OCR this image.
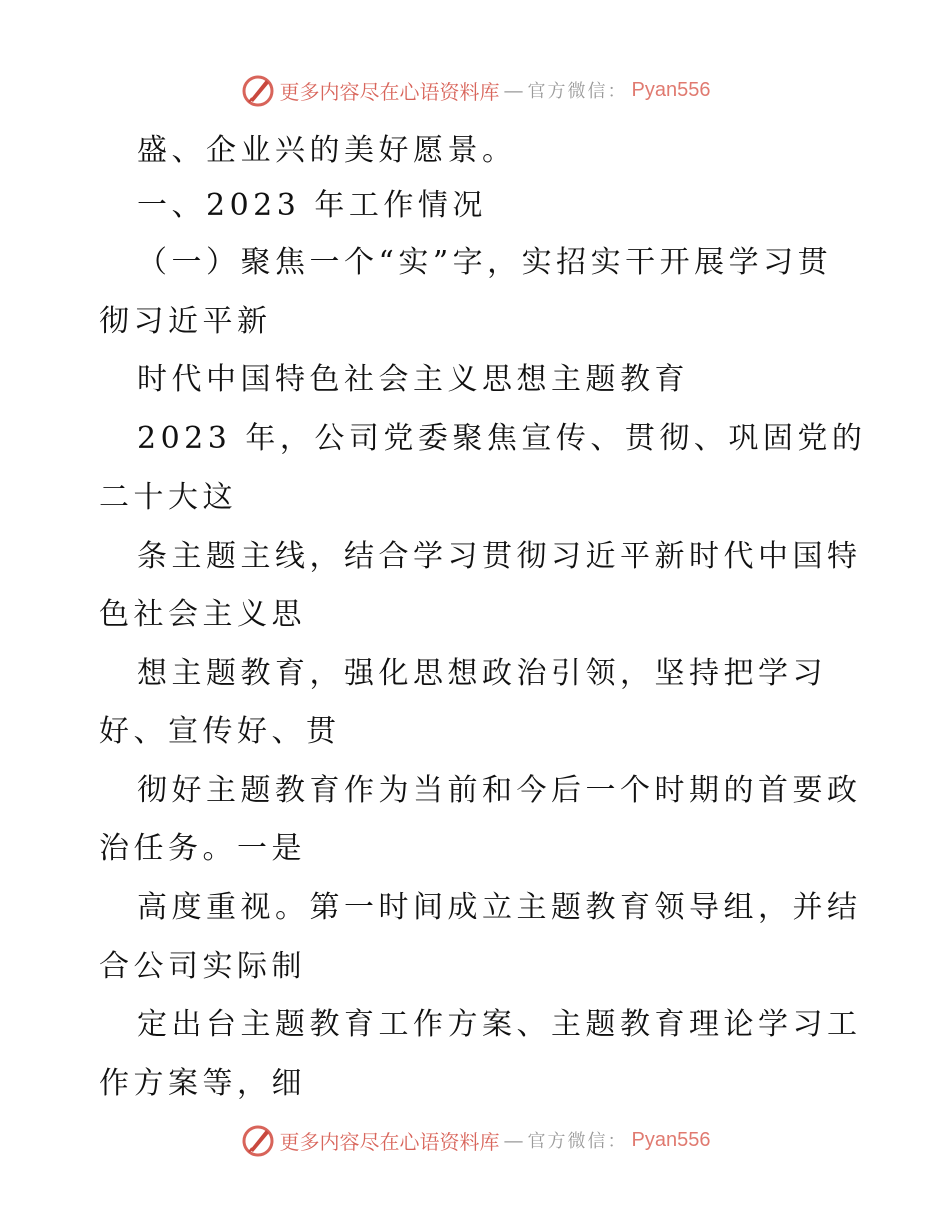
更多内容尽在心语资料库 — 官方微信： Pyan556
盛、企业兴的美好愿景。
一、2023 年工作情况
（一）聚焦一个“实”字，实招实干开展学习贯
彻习近平新
时代中国特色社会主义思想主题教育
2023 年，公司党委聚焦宣传、贯彻、巩固党的
二十大这
条主题主线，结合学习贯彻习近平新时代中国特
色社会主义思
想主题教育，强化思想政治引领，坚持把学习
好、宣传好、贯
彻好主题教育作为当前和今后一个时期的首要政
治任务。一是
高度重视。第一时间成立主题教育领导组，并结
合公司实际制
定出台主题教育工作方案、主题教育理论学习工
作方案等，细
更多内容尽在心语资料库 — 官方微信： Pyan556
